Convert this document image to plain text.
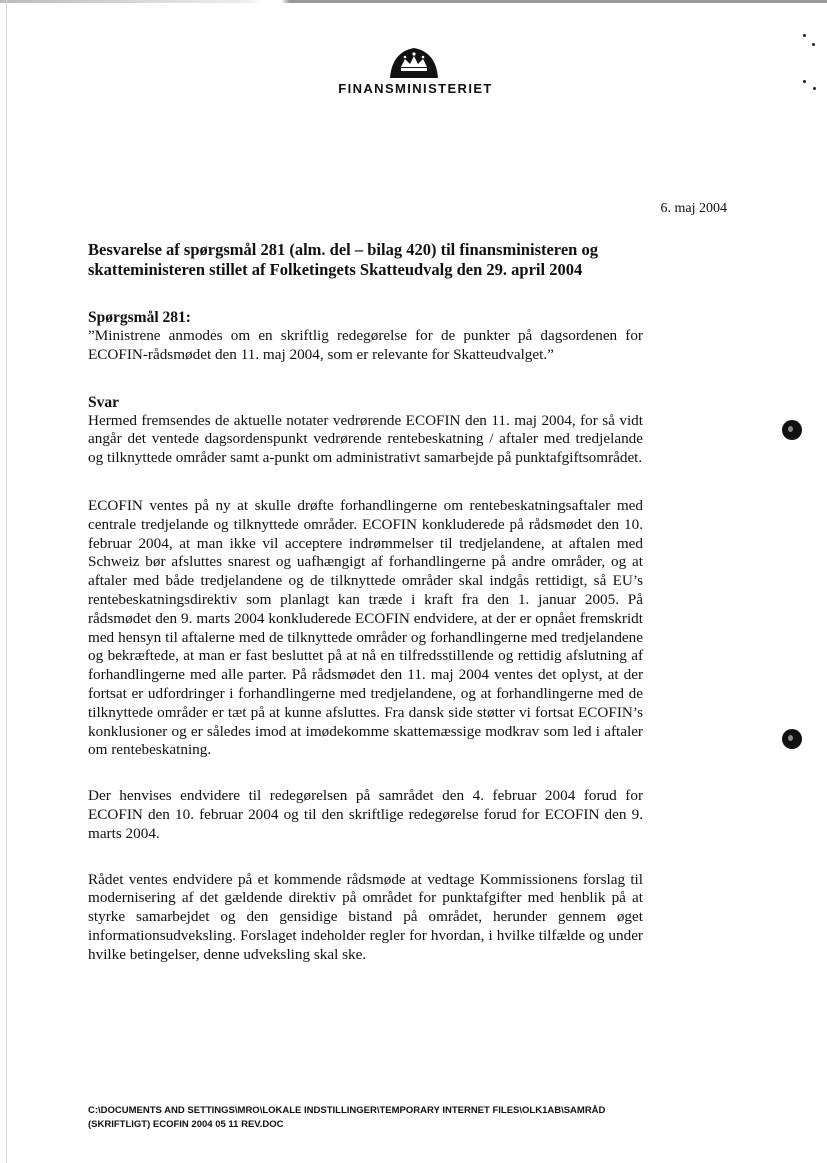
FINANSMINISTERIET
6. maj 2004

Besvarelse af spørgsmål 281 (alm. del – bilag 420) til finansministeren og skatteministeren stillet af Folketingets Skatteudvalg den 29. april 2004

Spørgsmål 281:

”Ministrene anmodes om en skriftlig redegørelse for de punkter på dagsordenen for ECOFIN-rådsmødet den 11. maj 2004, som er relevante for Skatteudvalget.”

Svar

Hermed fremsendes de aktuelle notater vedrørende ECOFIN den 11. maj 2004, for så vidt angår det ventede dagsordenspunkt vedrørende rentebeskatning / aftaler med tredjelande og tilknyttede områder samt a-punkt om administrativt samarbejde på punktafgiftsområdet.

ECOFIN ventes på ny at skulle drøfte forhandlingerne om rentebeskatningsaftaler med centrale tredjelande og tilknyttede områder. ECOFIN konkluderede på rådsmødet den 10. februar 2004, at man ikke vil acceptere indrømmelser til tredjelandene, at aftalen med Schweiz bør afsluttes snarest og uafhængigt af forhandlingerne på andre områder, og at aftaler med både tredjelandene og de tilknyttede områder skal indgås rettidigt, så EU’s rentebeskatningsdirektiv som planlagt kan træde i kraft fra den 1. januar 2005. På rådsmødet den 9. marts 2004 konkluderede ECOFIN endvidere, at der er opnået fremskridt med hensyn til aftalerne med de tilknyttede områder og forhandlingerne med tredjelandene og bekræftede, at man er fast besluttet på at nå en tilfredsstillende og rettidig afslutning af forhandlingerne med alle parter. På rådsmødet den 11. maj 2004 ventes det oplyst, at der fortsat er udfordringer i forhandlingerne med tredjelandene, og at forhandlingerne med de tilknyttede områder er tæt på at kunne afsluttes. Fra dansk side støtter vi fortsat ECOFIN’s konklusioner og er således imod at imødekomme skattemæssige modkrav som led i aftaler om rentebeskatning.

Der henvises endvidere til redegørelsen på samrådet den 4. februar 2004 forud for ECOFIN den 10. februar 2004 og til den skriftlige redegørelse forud for ECOFIN den 9. marts 2004.

Rådet ventes endvidere på et kommende rådsmøde at vedtage Kommissionens forslag til modernisering af det gældende direktiv på området for punktafgifter med henblik på at styrke samarbejdet og den gensidige bistand på området, herunder gennem øget informationsudveksling. Forslaget indeholder regler for hvordan, i hvilke tilfælde og under hvilke betingelser, denne udveksling skal ske.

C:\DOCUMENTS AND SETTINGS\MRO\LOKALE INDSTILLINGER\TEMPORARY INTERNET FILES\OLK1AB\SAMRÅD
(SKRIFTLIGT) ECOFIN 2004 05 11 REV.DOC
